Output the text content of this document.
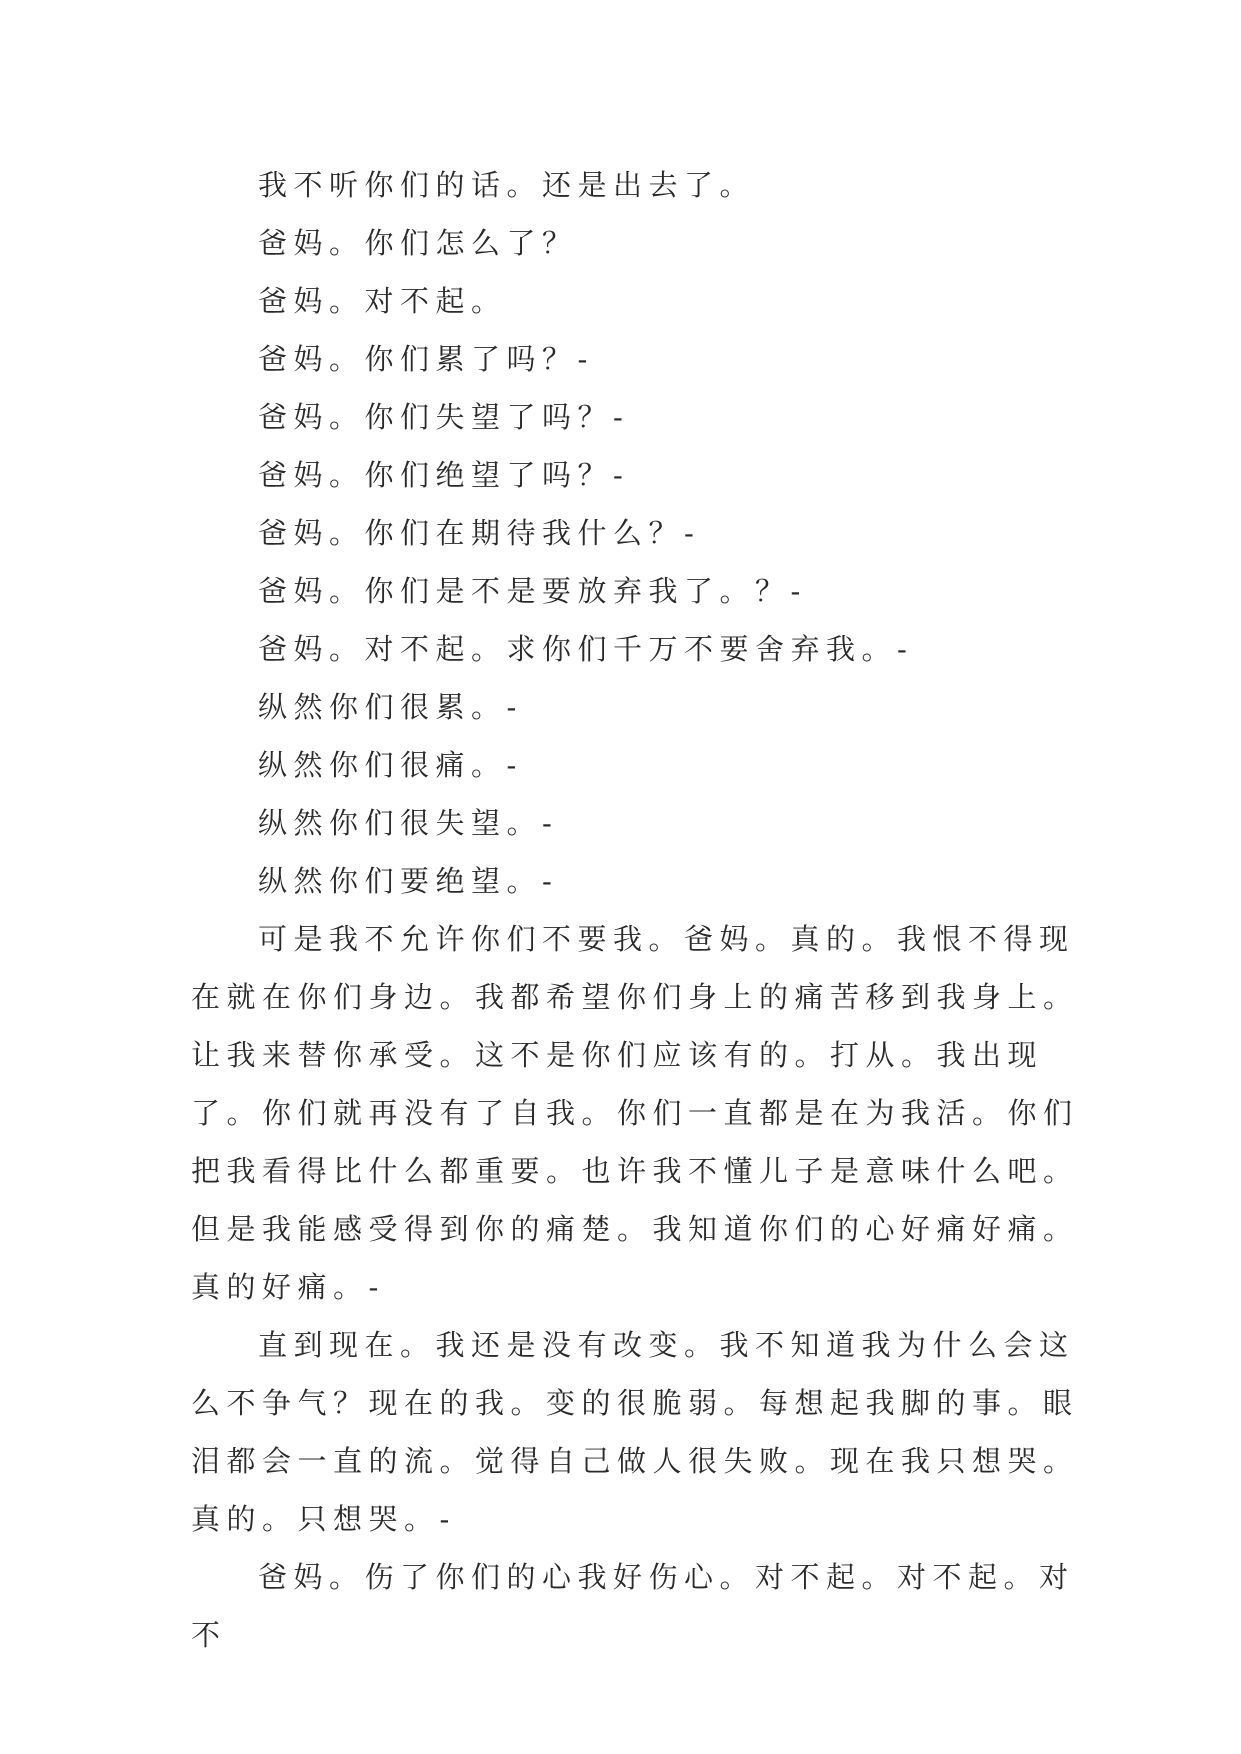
我不听你们的话。还是出去了。
爸妈。你们怎么了？
爸妈。对不起。
爸妈。你们累了吗？-
爸妈。你们失望了吗？-
爸妈。你们绝望了吗？-
爸妈。你们在期待我什么？-
爸妈。你们是不是要放弃我了。？-
爸妈。对不起。求你们千万不要舍弃我。-
纵然你们很累。-
纵然你们很痛。-
纵然你们很失望。-
纵然你们要绝望。-

可是我不允许你们不要我。爸妈。真的。我恨不得现在就在你们身边。我都希望你们身上的痛苦移到我身上。让我来替你承受。这不是你们应该有的。打从。我出现了。你们就再没有了自我。你们一直都是在为我活。你们把我看得比什么都重要。也许我不懂儿子是意味什么吧。但是我能感受得到你的痛楚。我知道你们的心好痛好痛。真的好痛。-

直到现在。我还是没有改变。我不知道我为什么会这么不争气？现在的我。变的很脆弱。每想起我脚的事。眼泪都会一直的流。觉得自己做人很失败。现在我只想哭。真的。只想哭。-

爸妈。伤了你们的心我好伤心。对不起。对不起。对不
